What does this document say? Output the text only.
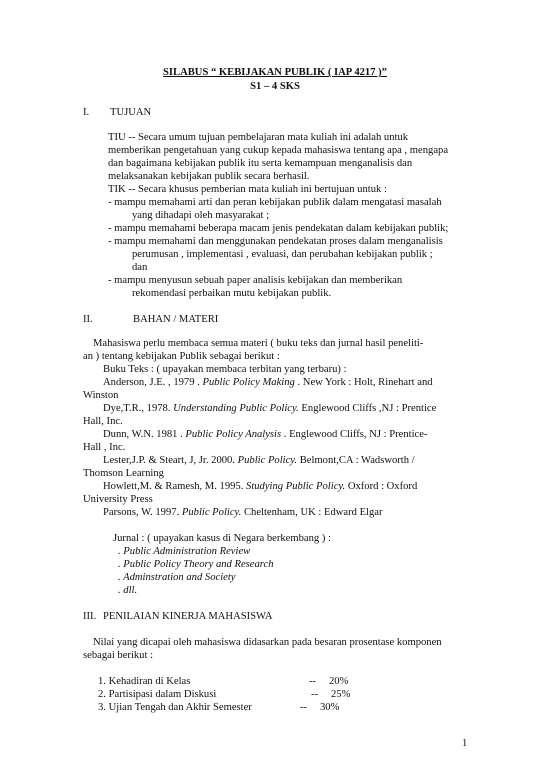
SILABUS “ KEBIJAKAN PUBLIK ( IAP 4217 )”
S1 – 4 SKS
I. TUJUAN
TIU -- Secara umum tujuan pembelajaran mata kuliah ini adalah untuk
memberikan pengetahuan yang cukup kepada mahasiswa tentang apa , mengapa
dan bagaimana kebijakan publik itu serta kemampuan menganalisis dan
melaksanakan kebijakan publik secara berhasil.
TIK -- Secara khusus pemberian mata kuliah ini bertujuan untuk :
- mampu memahami arti dan peran kebijakan publik dalam mengatasi masalah
yang dihadapi oleh masyarakat ;
- mampu memahami beberapa macam jenis pendekatan dalam kebijakan publik;
- mampu memahami dan menggunakan pendekatan proses dalam menganalisis
perumusan , implementasi , evaluasi, dan perubahan kebijakan publik ;
dan
- mampu menyusun sebuah paper analisis kebijakan dan memberikan
rekomendasi perbaikan mutu kebijakan publik.
II.	BAHAN / MATERI
Mahasiswa perlu membaca semua materi ( buku teks dan jurnal hasil peneliti-
an ) tentang kebijakan Publik sebagai berikut :
Buku Teks : ( upayakan membaca terbitan yang terbaru) :
Anderson, J.E. , 1979 . Public Policy Making . New York : Holt, Rinehart and
Winston
Dye,T.R., 1978. Understanding Public Policy. Englewood Cliffs ,NJ : Prentice
Hall, Inc.
Dunn, W.N. 1981 . Public Policy Analysis . Englewood Cliffs, NJ : Prentice-
Hall , Inc.
Lester,J.P. & Steart, J, Jr. 2000. Public Policy. Belmont,CA : Wadsworth /
Thomson Learning
Howlett,M. & Ramesh, M. 1995. Studying Public Policy. Oxford : Oxford
University Press
Parsons, W. 1997. Public Policy. Cheltenham, UK : Edward Elgar
Jurnal : ( upayakan kasus di Negara berkembang ) :
. Public Administration Review
. Public Policy Theory and Research
. Adminstration and Society
. dll.
III. PENILAIAN KINERJA MAHASISWA
Nilai yang dicapai oleh mahasiswa didasarkan pada besaran prosentase komponen
sebagai berikut :
1. Kehadiran di Kelas	-- 20%
2. Partisipasi dalam Diskusi	-- 25%
3. Ujian Tengah dan Akhir Semester	-- 30%
1
